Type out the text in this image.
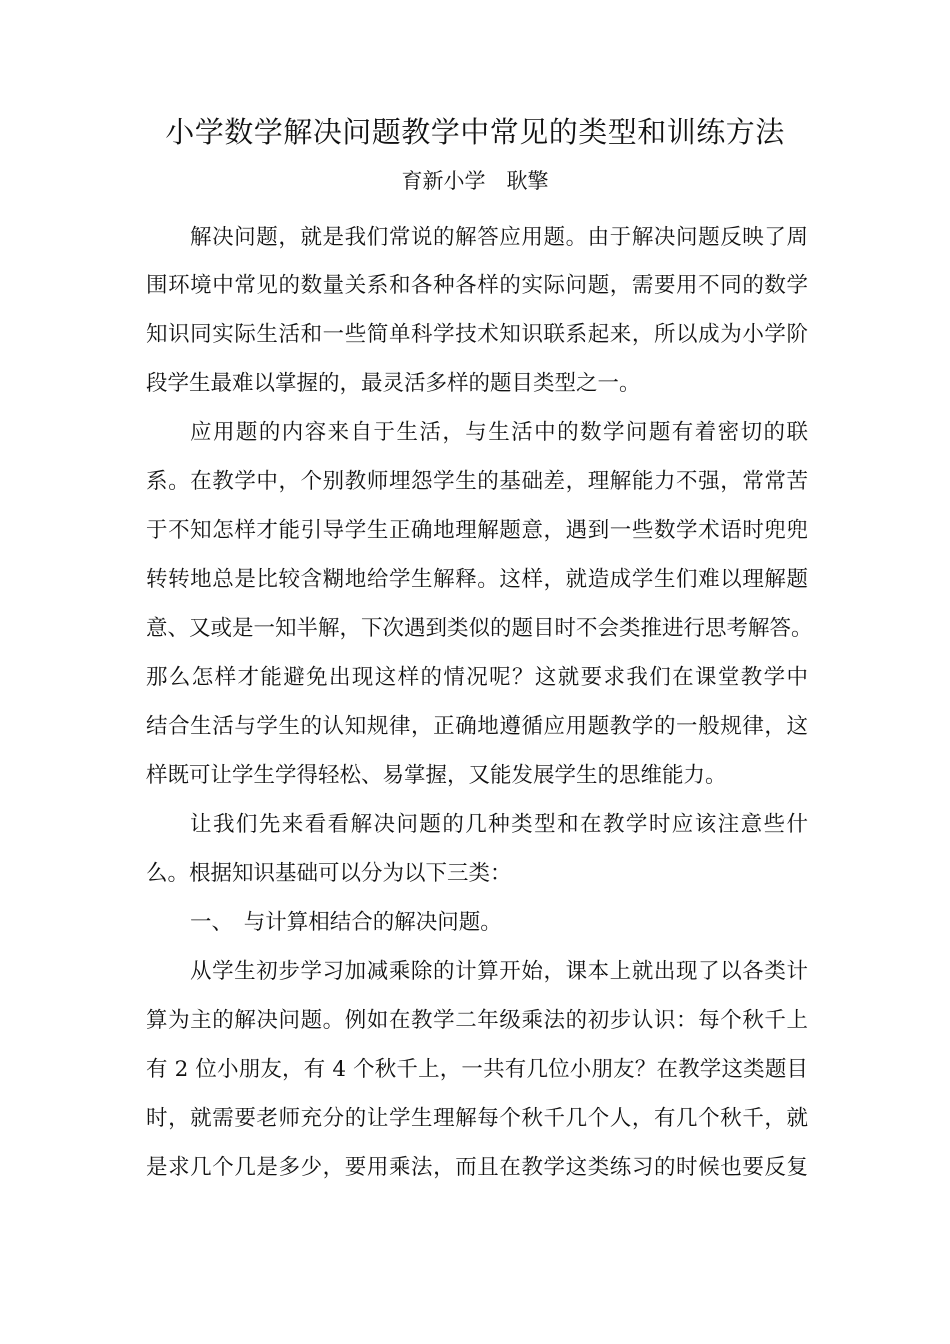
小学数学解决问题教学中常见的类型和训练方法
育新小学　耿擎
解决问题，就是我们常说的解答应用题。由于解决问题反映了周
围环境中常见的数量关系和各种各样的实际问题，需要用不同的数学
知识同实际生活和一些简单科学技术知识联系起来，所以成为小学阶
段学生最难以掌握的，最灵活多样的题目类型之一。
应用题的内容来自于生活，与生活中的数学问题有着密切的联
系。在教学中，个别教师埋怨学生的基础差，理解能力不强，常常苦
于不知怎样才能引导学生正确地理解题意，遇到一些数学术语时兜兜
转转地总是比较含糊地给学生解释。这样，就造成学生们难以理解题
意、又或是一知半解，下次遇到类似的题目时不会类推进行思考解答。
那么怎样才能避免出现这样的情况呢？这就要求我们在课堂教学中
结合生活与学生的认知规律，正确地遵循应用题教学的一般规律，这
样既可让学生学得轻松、易掌握，又能发展学生的思维能力。
让我们先来看看解决问题的几种类型和在教学时应该注意些什
么。根据知识基础可以分为以下三类：
一、　与计算相结合的解决问题。
从学生初步学习加减乘除的计算开始，课本上就出现了以各类计
算为主的解决问题。例如在教学二年级乘法的初步认识：每个秋千上
有 2 位小朋友，有 4 个秋千上，一共有几位小朋友？在教学这类题目
时，就需要老师充分的让学生理解每个秋千几个人，有几个秋千，就
是求几个几是多少，要用乘法，而且在教学这类练习的时候也要反复
